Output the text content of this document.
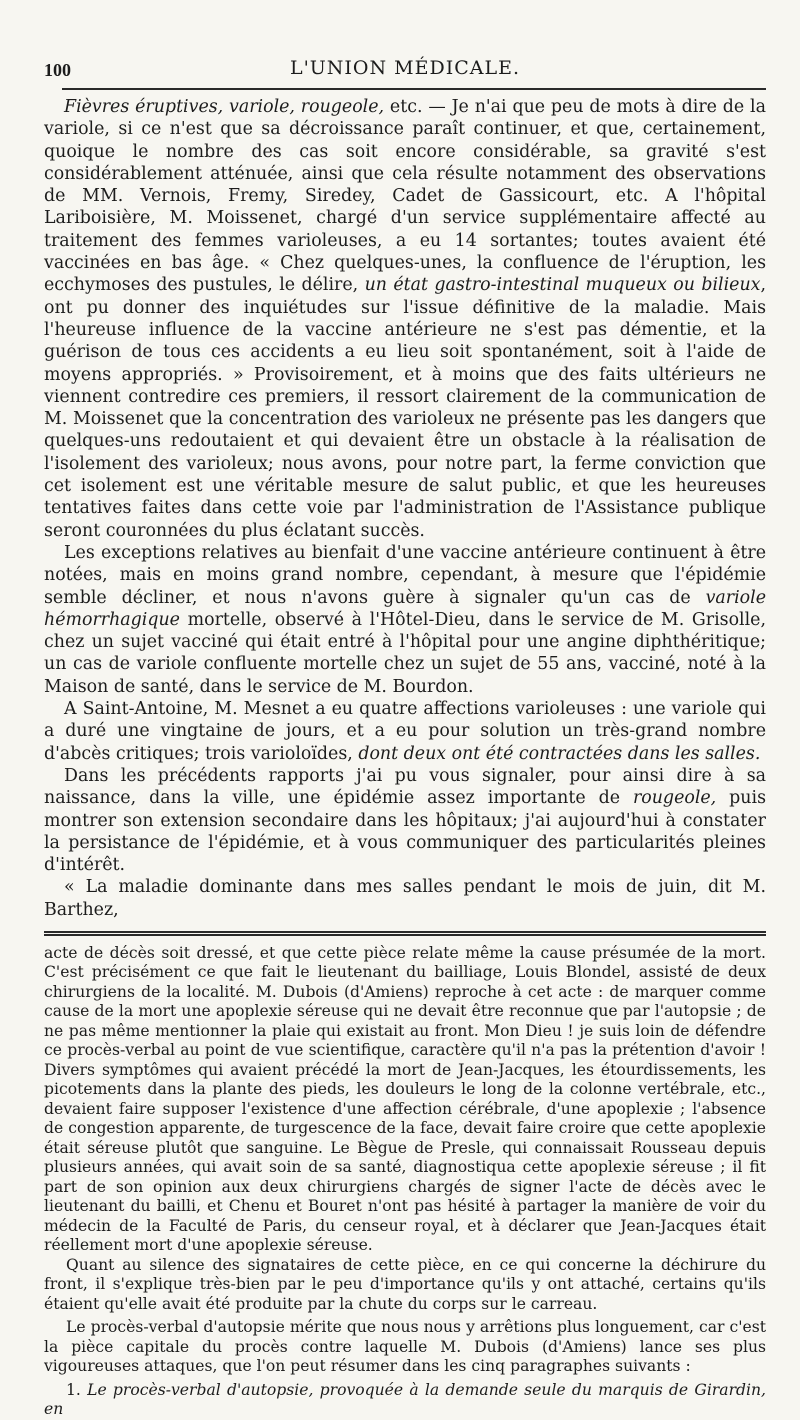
100	L'UNION MÉDICALE.

Fièvres éruptives, variole, rougeole, etc. — Je n'ai que peu de mots à dire de la variole, si ce n'est que sa décroissance paraît continuer, et que, certainement, quoique le nombre des cas soit encore considérable, sa gravité s'est considérablement atténuée, ainsi que cela résulte notamment des observations de MM. Vernois, Fremy, Siredey, Cadet de Gassicourt, etc. A l'hôpital Lariboisière, M. Moissenet, chargé d'un service supplémentaire affecté au traitement des femmes varioleuses, a eu 14 sortantes; toutes avaient été vaccinées en bas âge. « Chez quelques-unes, la confluence de l'éruption, les ecchymoses des pustules, le délire, un état gastro-intestinal muqueux ou bilieux, ont pu donner des inquiétudes sur l'issue définitive de la maladie. Mais l'heureuse influence de la vaccine antérieure ne s'est pas démentie, et la guérison de tous ces accidents a eu lieu soit spontanément, soit à l'aide de moyens appropriés. » Provisoirement, et à moins que des faits ultérieurs ne viennent contredire ces premiers, il ressort clairement de la communication de M. Moissenet que la concentration des varioleux ne présente pas les dangers que quelques-uns redoutaient et qui devaient être un obstacle à la réalisation de l'isolement des varioleux; nous avons, pour notre part, la ferme conviction que cet isolement est une véritable mesure de salut public, et que les heureuses tentatives faites dans cette voie par l'administration de l'Assistance publique seront couronnées du plus éclatant succès.

Les exceptions relatives au bienfait d'une vaccine antérieure continuent à être notées, mais en moins grand nombre, cependant, à mesure que l'épidémie semble décliner, et nous n'avons guère à signaler qu'un cas de variole hémorrhagique mortelle, observé à l'Hôtel-Dieu, dans le service de M. Grisolle, chez un sujet vacciné qui était entré à l'hôpital pour une angine diphthéritique; un cas de variole confluente mortelle chez un sujet de 55 ans, vacciné, noté à la Maison de santé, dans le service de M. Bourdon.

A Saint-Antoine, M. Mesnet a eu quatre affections varioleuses : une variole qui a duré une vingtaine de jours, et a eu pour solution un très-grand nombre d'abcès critiques; trois varioloïdes, dont deux ont été contractées dans les salles.

Dans les précédents rapports j'ai pu vous signaler, pour ainsi dire à sa naissance, dans la ville, une épidémie assez importante de rougeole, puis montrer son extension secondaire dans les hôpitaux; j'ai aujourd'hui à constater la persistance de l'épidémie, et à vous communiquer des particularités pleines d'intérêt.

« La maladie dominante dans mes salles pendant le mois de juin, dit M. Barthez,

acte de décès soit dressé, et que cette pièce relate même la cause présumée de la mort. C'est précisément ce que fait le lieutenant du bailliage, Louis Blondel, assisté de deux chirurgiens de la localité. M. Dubois (d'Amiens) reproche à cet acte : de marquer comme cause de la mort une apoplexie séreuse qui ne devait être reconnue que par l'autopsie ; de ne pas même mentionner la plaie qui existait au front. Mon Dieu ! je suis loin de défendre ce procès-verbal au point de vue scientifique, caractère qu'il n'a pas la prétention d'avoir ! Divers symptômes qui avaient précédé la mort de Jean-Jacques, les étourdissements, les picotements dans la plante des pieds, les douleurs le long de la colonne vertébrale, etc., devaient faire supposer l'existence d'une affection cérébrale, d'une apoplexie ; l'absence de congestion apparente, de turgescence de la face, devait faire croire que cette apoplexie était séreuse plutôt que sanguine. Le Bègue de Presle, qui connaissait Rousseau depuis plusieurs années, qui avait soin de sa santé, diagnostiqua cette apoplexie séreuse ; il fit part de son opinion aux deux chirurgiens chargés de signer l'acte de décès avec le lieutenant du bailli, et Chenu et Bouret n'ont pas hésité à partager la manière de voir du médecin de la Faculté de Paris, du censeur royal, et à déclarer que Jean-Jacques était réellement mort d'une apoplexie séreuse.

Quant au silence des signataires de cette pièce, en ce qui concerne la déchirure du front, il s'explique très-bien par le peu d'importance qu'ils y ont attaché, certains qu'ils étaient qu'elle avait été produite par la chute du corps sur le carreau.

Le procès-verbal d'autopsie mérite que nous nous y arrêtions plus longuement, car c'est la pièce capitale du procès contre laquelle M. Dubois (d'Amiens) lance ses plus vigoureuses attaques, que l'on peut résumer dans les cinq paragraphes suivants :

1. Le procès-verbal d'autopsie, provoquée à la demande seule du marquis de Girardin, en
